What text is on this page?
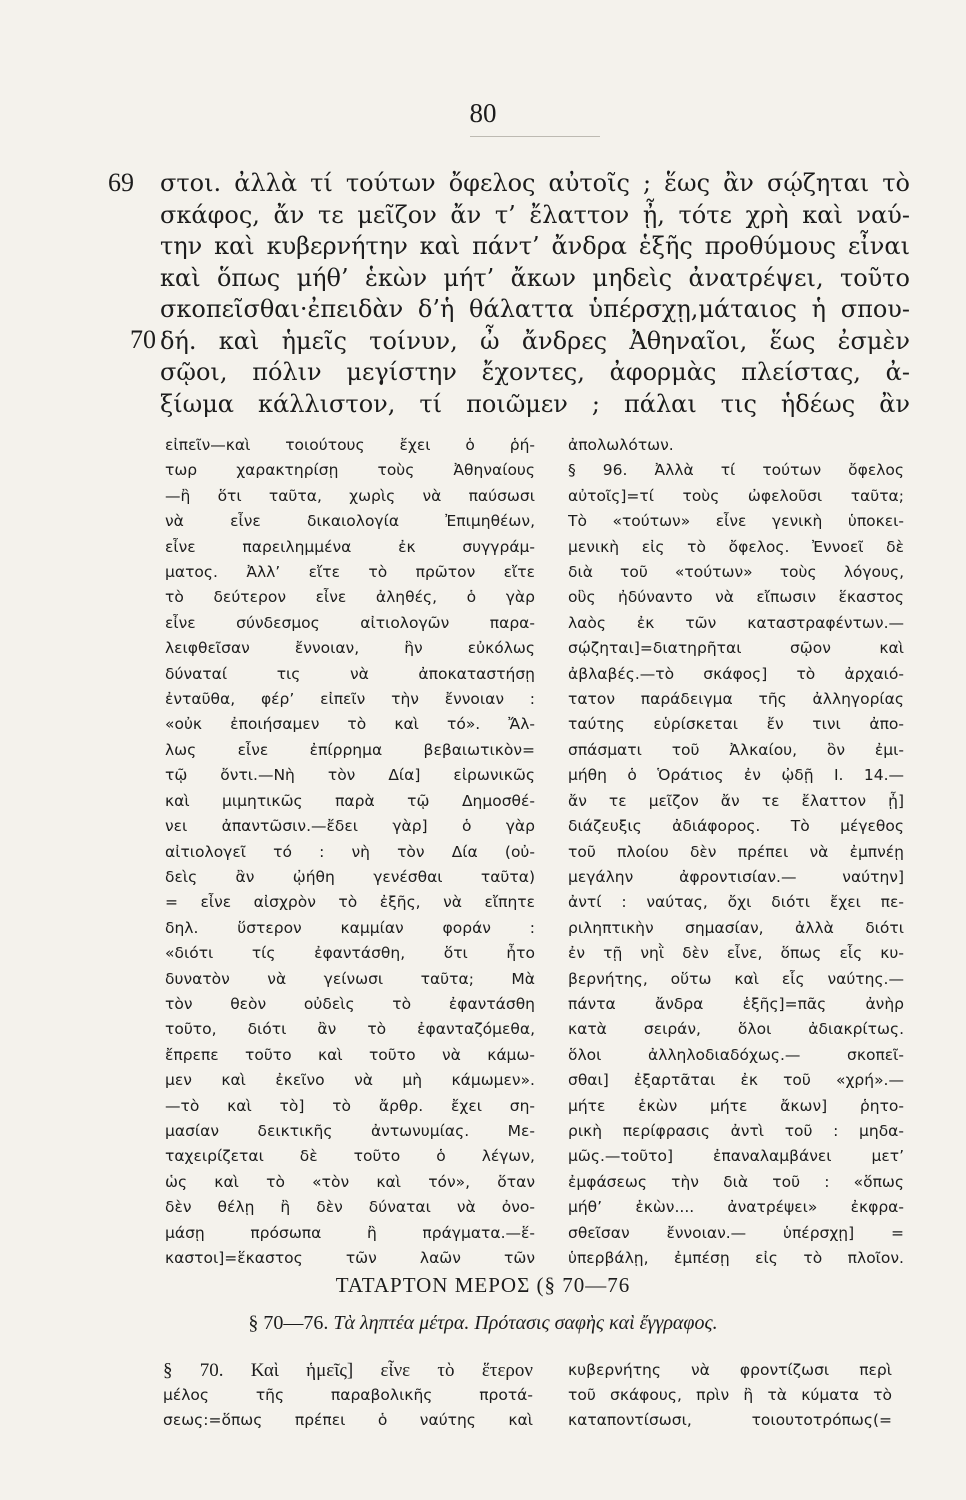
80
69
70
στοι. ἀλλὰ τί τούτων ὄφελος αὐτοῖς ; ἕως ἂν σῴζηται τὸ
σκάφος, ἄν τε μεῖζον ἄν τ’ ἔλαττον ᾖ, τότε χρὴ καὶ ναύ-
την καὶ κυβερνήτην καὶ πάντ’ ἄνδρα ἑξῆς προθύμους εἶναι
καὶ ὅπως μήθ’ ἑκὼν μήτ’ ἄκων μηδεὶς ἀνατρέψει, τοῦτο
σκοπεῖσθαι·ἐπειδὰν δ’ἡ θάλαττα ὑπέρσχῃ,μάταιος ἡ σπου-
δή. καὶ ἡμεῖς τοίνυν, ὦ ἄνδρες Ἀθηναῖοι, ἕως ἐσμὲν
σῷοι, πόλιν μεγίστην ἔχοντες, ἀφορμὰς πλείστας, ἀ-
ξίωμα κάλλιστον, τί ποιῶμεν ; πάλαι τις ἡδέως ἂν
εἰπεῖν—καὶ τοιούτους ἔχει ὁ ῥή-
τωρ χαρακτηρίσῃ τοὺς Ἀθηναίους
—ἢ ὅτι ταῦτα, χωρὶς νὰ παύσωσι
νὰ εἶνε δικαιολογία Ἐπιμηθέων,
εἶνε παρειλημμένα ἐκ συγγράμ-
ματος. Ἀλλ’ εἴτε τὸ πρῶτον εἴτε
τὸ δεύτερον εἶνε ἀληθές, ὁ γὰρ
εἶνε σύνδεσμος αἰτιολογῶν παρα-
λειφθεῖσαν ἔννοιαν, ἣν εὐκόλως
δύναταί τις νὰ ἀποκαταστήσῃ
ἐνταῦθα, φέρ’ εἰπεῖν τὴν ἔννοιαν :
«οὐκ ἐποιήσαμεν τὸ καὶ τό». Ἄλ-
λως εἶνε ἐπίρρημα βεβαιωτικὸν=
τῷ ὄντι.—Νὴ τὸν Δία] εἰρωνικῶς
καὶ μιμητικῶς παρὰ τῷ Δημοσθέ-
νει ἀπαντῶσιν.—ἔδει γὰρ] ὁ γὰρ
αἰτιολογεῖ τό : νὴ τὸν Δία (οὐ-
δεὶς ἂν ᾠήθη γενέσθαι ταῦτα)
= εἶνε αἰσχρὸν τὸ ἐξῆς, νὰ εἴπητε
δηλ. ὕστερον καμμίαν φοράν :
«διότι τίς ἐφαντάσθη, ὅτι ἦτο
δυνατὸν νὰ γείνωσι ταῦτα; Μὰ
τὸν θεὸν οὐδεὶς τὸ ἐφαντάσθη
τοῦτο, διότι ἂν τὸ ἐφανταζόμεθα,
ἔπρεπε τοῦτο καὶ τοῦτο νὰ κάμω-
μεν καὶ ἐκεῖνο νὰ μὴ κάμωμεν».
—τὸ καὶ τὸ] τὸ ἄρθρ. ἔχει ση-
μασίαν δεικτικῆς ἀντωνυμίας. Με-
ταχειρίζεται δὲ τοῦτο ὁ λέγων,
ὡς καὶ τὸ «τὸν καὶ τόν», ὅταν
δὲν θέλῃ ἢ δὲν δύναται νὰ ὀνο-
μάσῃ πρόσωπα ἢ πράγματα.—ἕ-
καστοι]=ἕκαστος τῶν λαῶν τῶν
ἀπολωλότων.
§ 96. Ἀλλὰ τί τούτων ὄφελος
αὐτοῖς]=τί τοὺς ὠφελοῦσι ταῦτα;
Τὸ «τούτων» εἶνε γενικὴ ὑποκει-
μενικὴ εἰς τὸ ὄφελος. Ἐννοεῖ δὲ
διὰ τοῦ «τούτων» τοὺς λόγους,
οὓς ἠδύναντο νὰ εἴπωσιν ἕκαστος
λαὸς ἐκ τῶν καταστραφέντων.—
σῴζηται]=διατηρῆται σῷον καὶ
ἀβλαβές.—τὸ σκάφος] τὸ ἀρχαιό-
τατον παράδειγμα τῆς ἀλληγορίας
ταύτης εὑρίσκεται ἔν τινι ἀπο-
σπάσματι τοῦ Ἀλκαίου, ὃν ἐμι-
μήθη ὁ Ὁράτιος ἐν ᾠδῇ Ι. 14.—
ἄν τε μεῖζον ἄν τε ἔλαττον ᾖ]
διάζευξις ἀδιάφορος. Τὸ μέγεθος
τοῦ πλοίου δὲν πρέπει νὰ ἐμπνέῃ
μεγάλην ἀφροντισίαν.— ναύτην]
ἀντί : ναύτας, ὄχι διότι ἔχει πε-
ριληπτικὴν σημασίαν, ἀλλὰ διότι
ἐν τῇ νηῒ δὲν εἶνε, ὅπως εἷς κυ-
βερνήτης, οὕτω καὶ εἷς ναύτης.—
πάντα ἄνδρα ἑξῆς]=πᾶς ἀνὴρ
κατὰ σειράν, ὅλοι ἀδιακρίτως.
ὅλοι ἀλληλοδιαδόχως.— σκοπεῖ-
σθαι] ἐξαρτᾶται ἐκ τοῦ «χρή».—
μήτε ἑκὼν μήτε ἄκων] ῥητο-
ρικὴ περίφρασις ἀντὶ τοῦ : μηδα-
μῶς.—τοῦτο] ἐπαναλαμβάνει μετ’
ἐμφάσεως τὴν διὰ τοῦ : «ὅπως
μήθ’ ἑκὼν.... ἀνατρέψει» ἐκφρα-
σθεῖσαν ἔννοιαν.— ὑπέρσχῃ] =
ὑπερβάλῃ, ἐμπέσῃ εἰς τὸ πλοῖον.
ΤΑΤΑΡΤΟΝ ΜΕΡΟΣ (§ 70—76
§ 70—76. Τὰ ληπτέα μέτρα. Πρότασις σαφὴς καὶ ἔγγραφος.
§ 70. Καὶ ἡμεῖς] εἶνε τὸ ἕτερον
μέλος τῆς παραβολικῆς προτά-
σεως:=ὅπως πρέπει ὁ ναύτης καὶ
κυβερνήτης νὰ φροντίζωσι περὶ
τοῦ σκάφους, πρὶν ἢ τὰ κύματα τὸ
καταποντίσωσι, τοιουτοτρόπως(=
